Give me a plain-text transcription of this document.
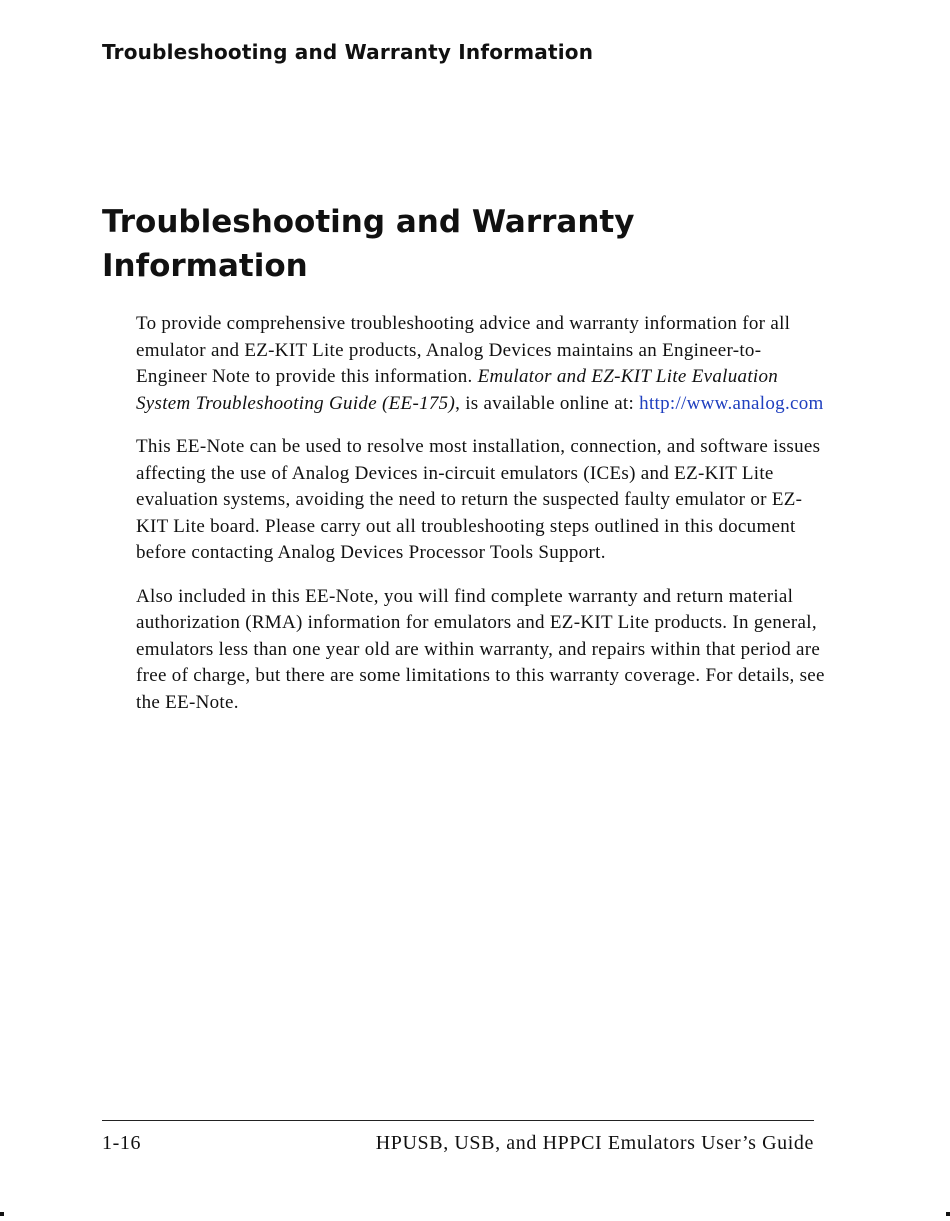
Troubleshooting and Warranty Information
Troubleshooting and Warranty
Information

To provide comprehensive troubleshooting advice and warranty information for all emulator and EZ-KIT Lite products, Analog Devices maintains an Engineer-to-Engineer Note to provide this information. Emulator and EZ-KIT Lite Evaluation System Troubleshooting Guide (EE-175), is available online at: http://www.analog.com

This EE-Note can be used to resolve most installation, connection, and software issues affecting the use of Analog Devices in-circuit emulators (ICEs) and EZ-KIT Lite evaluation systems, avoiding the need to return the suspected faulty emulator or EZ-KIT Lite board. Please carry out all troubleshooting steps outlined in this document before contacting Analog Devices Processor Tools Support.

Also included in this EE-Note, you will find complete warranty and return material authorization (RMA) information for emulators and EZ-KIT Lite products. In general, emulators less than one year old are within warranty, and repairs within that period are free of charge, but there are some limitations to this warranty coverage. For details, see the EE-Note.

1-16	HPUSB, USB, and HPPCI Emulators User’s Guide
